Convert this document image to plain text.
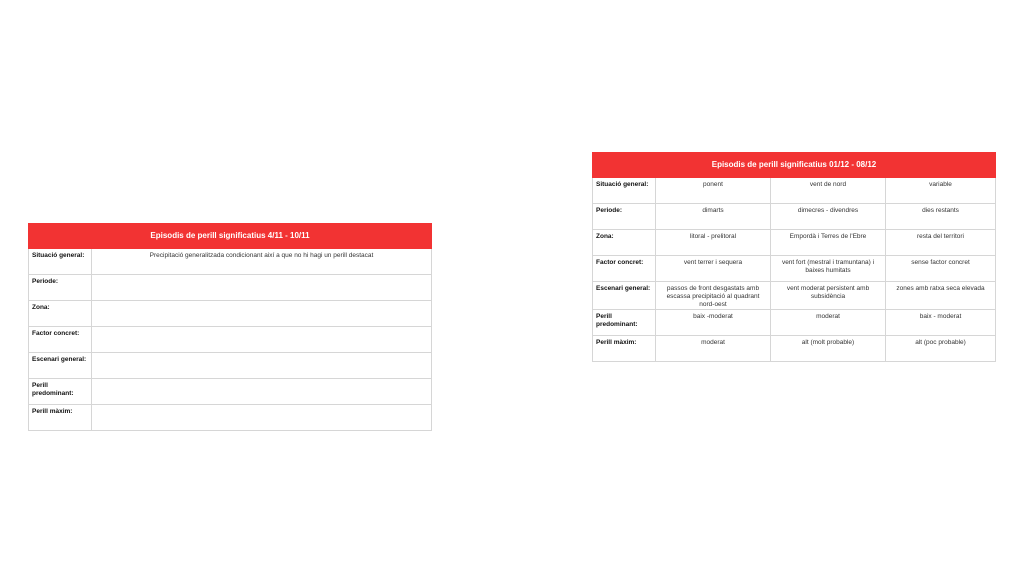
Episodis de perill significatius 4/11 - 10/11	
Situació general:	Precipitació generalitzada condicionant així a que no hi hagi un perill destacat
Periode:	
Zona:	
Factor concret:	
Escenari general:	
Perill predominant:	
Perill màxim:	
Episodis de perill significatius 01/12 - 08/12			
Situació general:	ponent	vent de nord	variable
Periode:	dimarts	dimecres - divendres	dies restants
Zona:	litoral - prelitoral	Empordà i Terres de l'Ebre	resta del territori
Factor concret:	vent terrer i sequera	vent fort (mestral i tramuntana) i baixes humitats	sense factor concret
Escenari general:	passos de front desgastats amb escassa precipitació al quadrant nord-oest	vent moderat persistent amb subsidència	zones amb ratxa seca elevada
Perill predominant:	baix -moderat	moderat	baix - moderat
Perill màxim:	moderat	alt (molt probable)	alt (poc probable)
